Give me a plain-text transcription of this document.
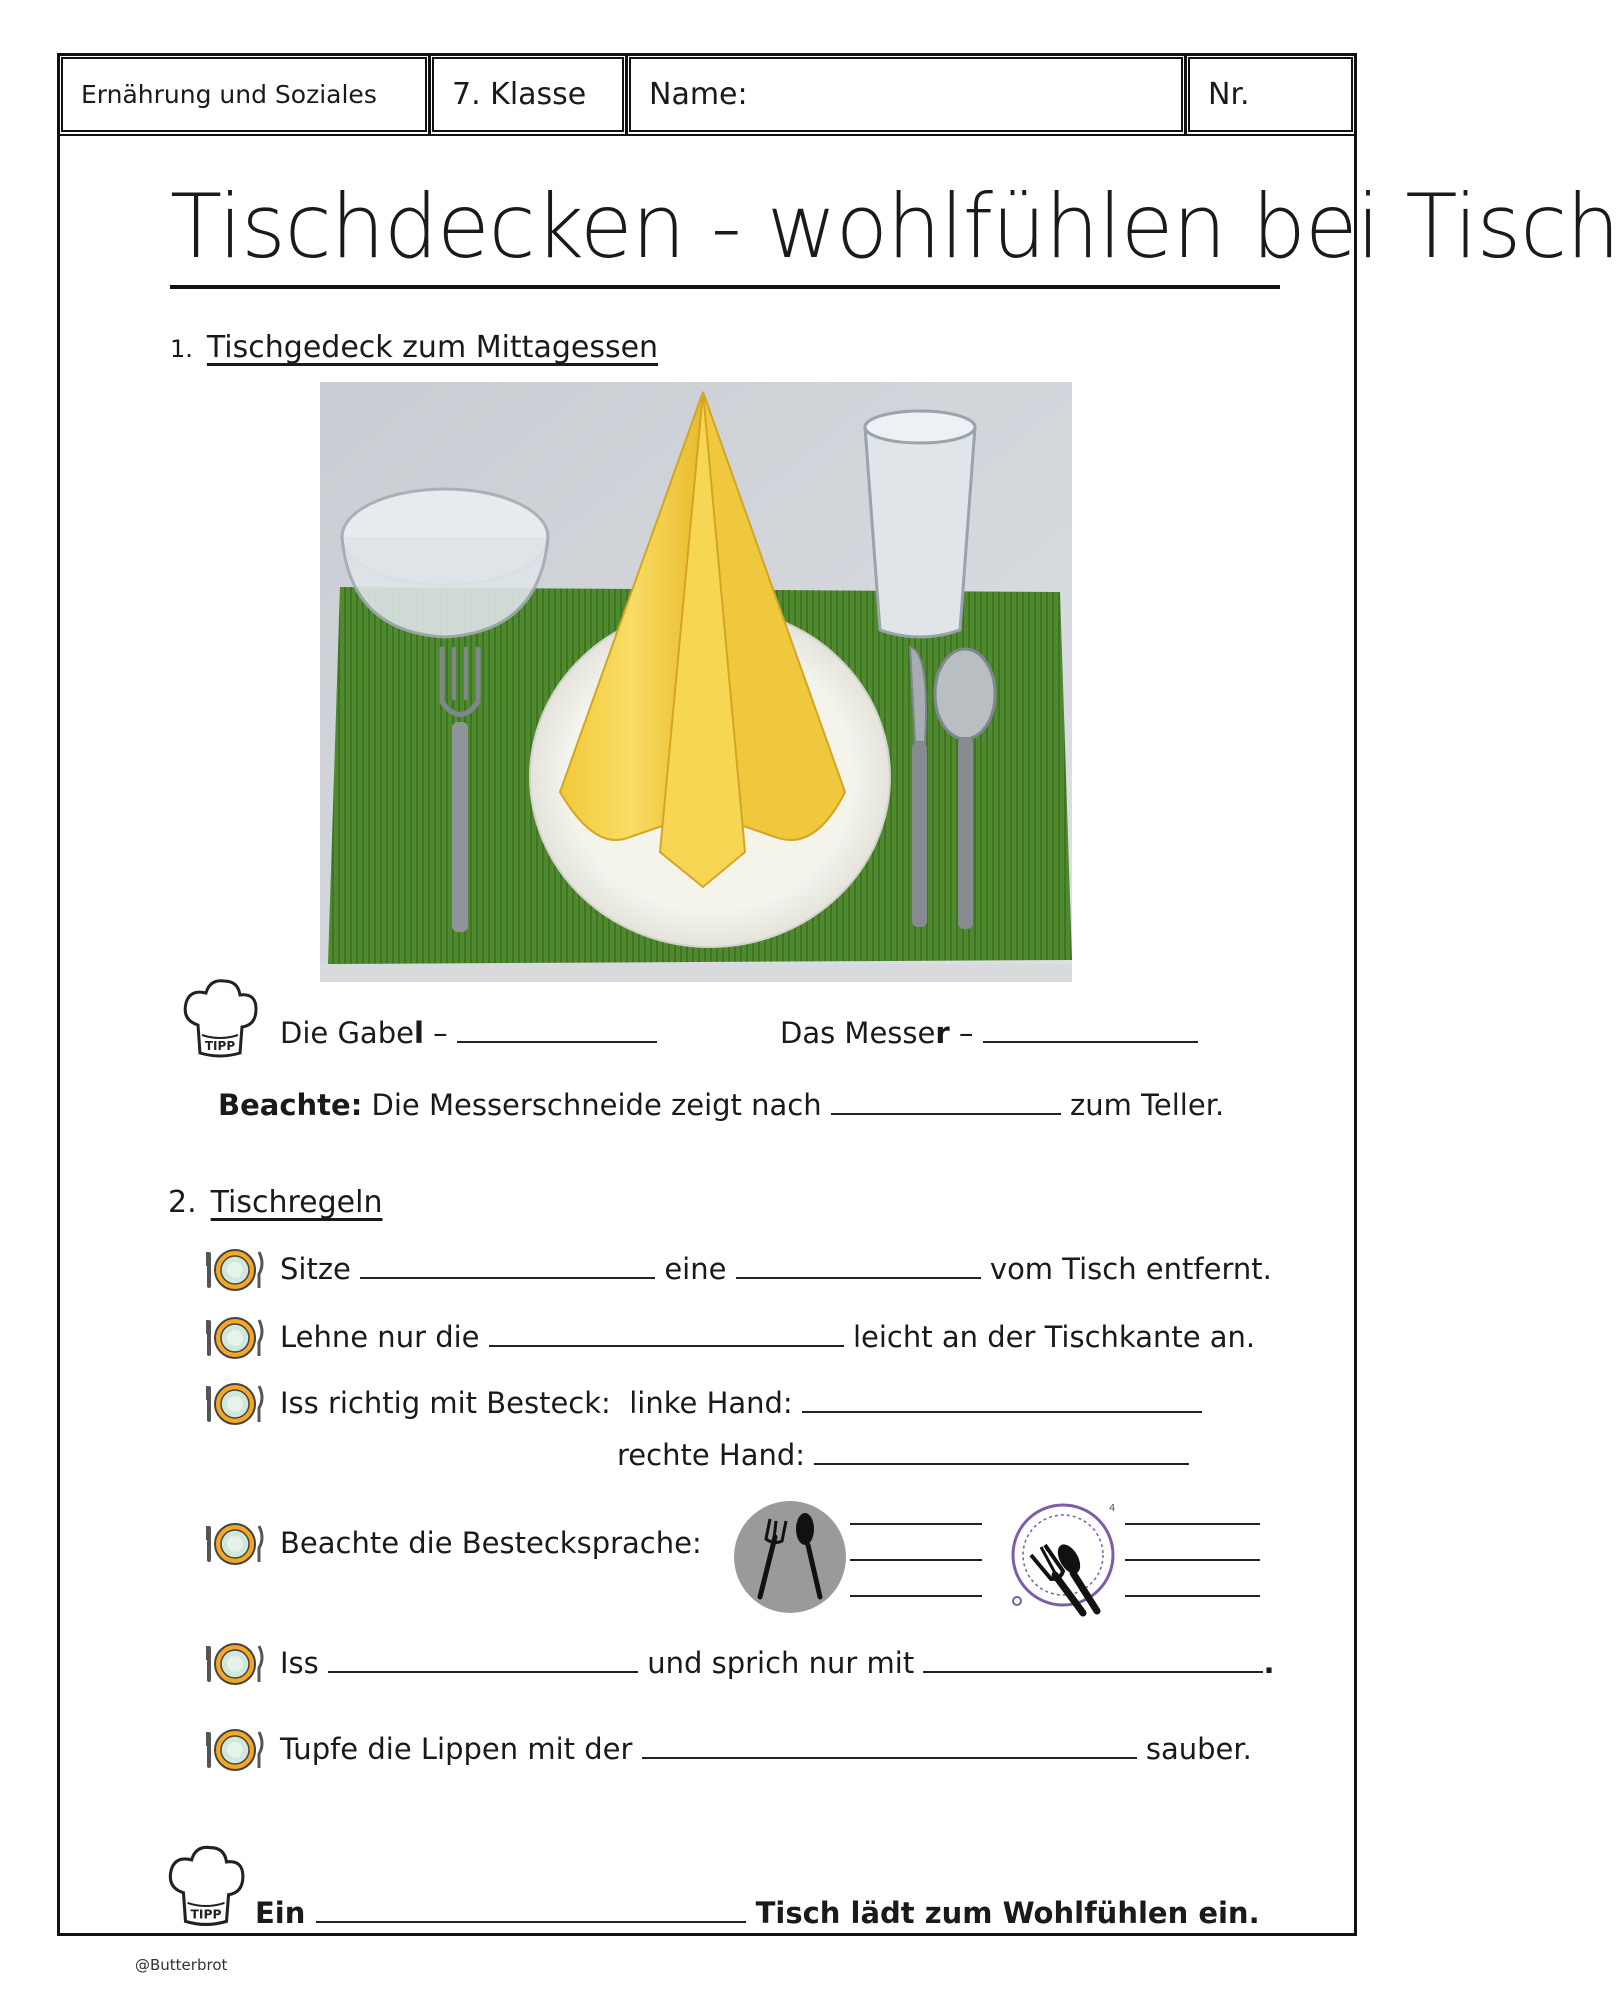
Ernährung und Soziales	7. Klasse Name:	Nr.
Tischdecken - wohlfühlen bei Tisch
1. Tischgedeck zum Mittagessen
TIPP Die Gabel –	Das Messer –
Beachte: Die Messerschneide zeigt nach	zum Teller.
2. Tischregeln
Sitze	eine	vom Tisch entfernt.
Lehne nur die	leicht an der Tischkante an.
Iss richtig mit Besteck: linke Hand:
rechte Hand:
Beachte die Bestecksprache:
4
Iss	und sprich nur mit	.
Tupfe die Lippen mit der	sauber.
TIPP Ein	Tisch lädt zum Wohlfühlen ein.
@Butterbrot
